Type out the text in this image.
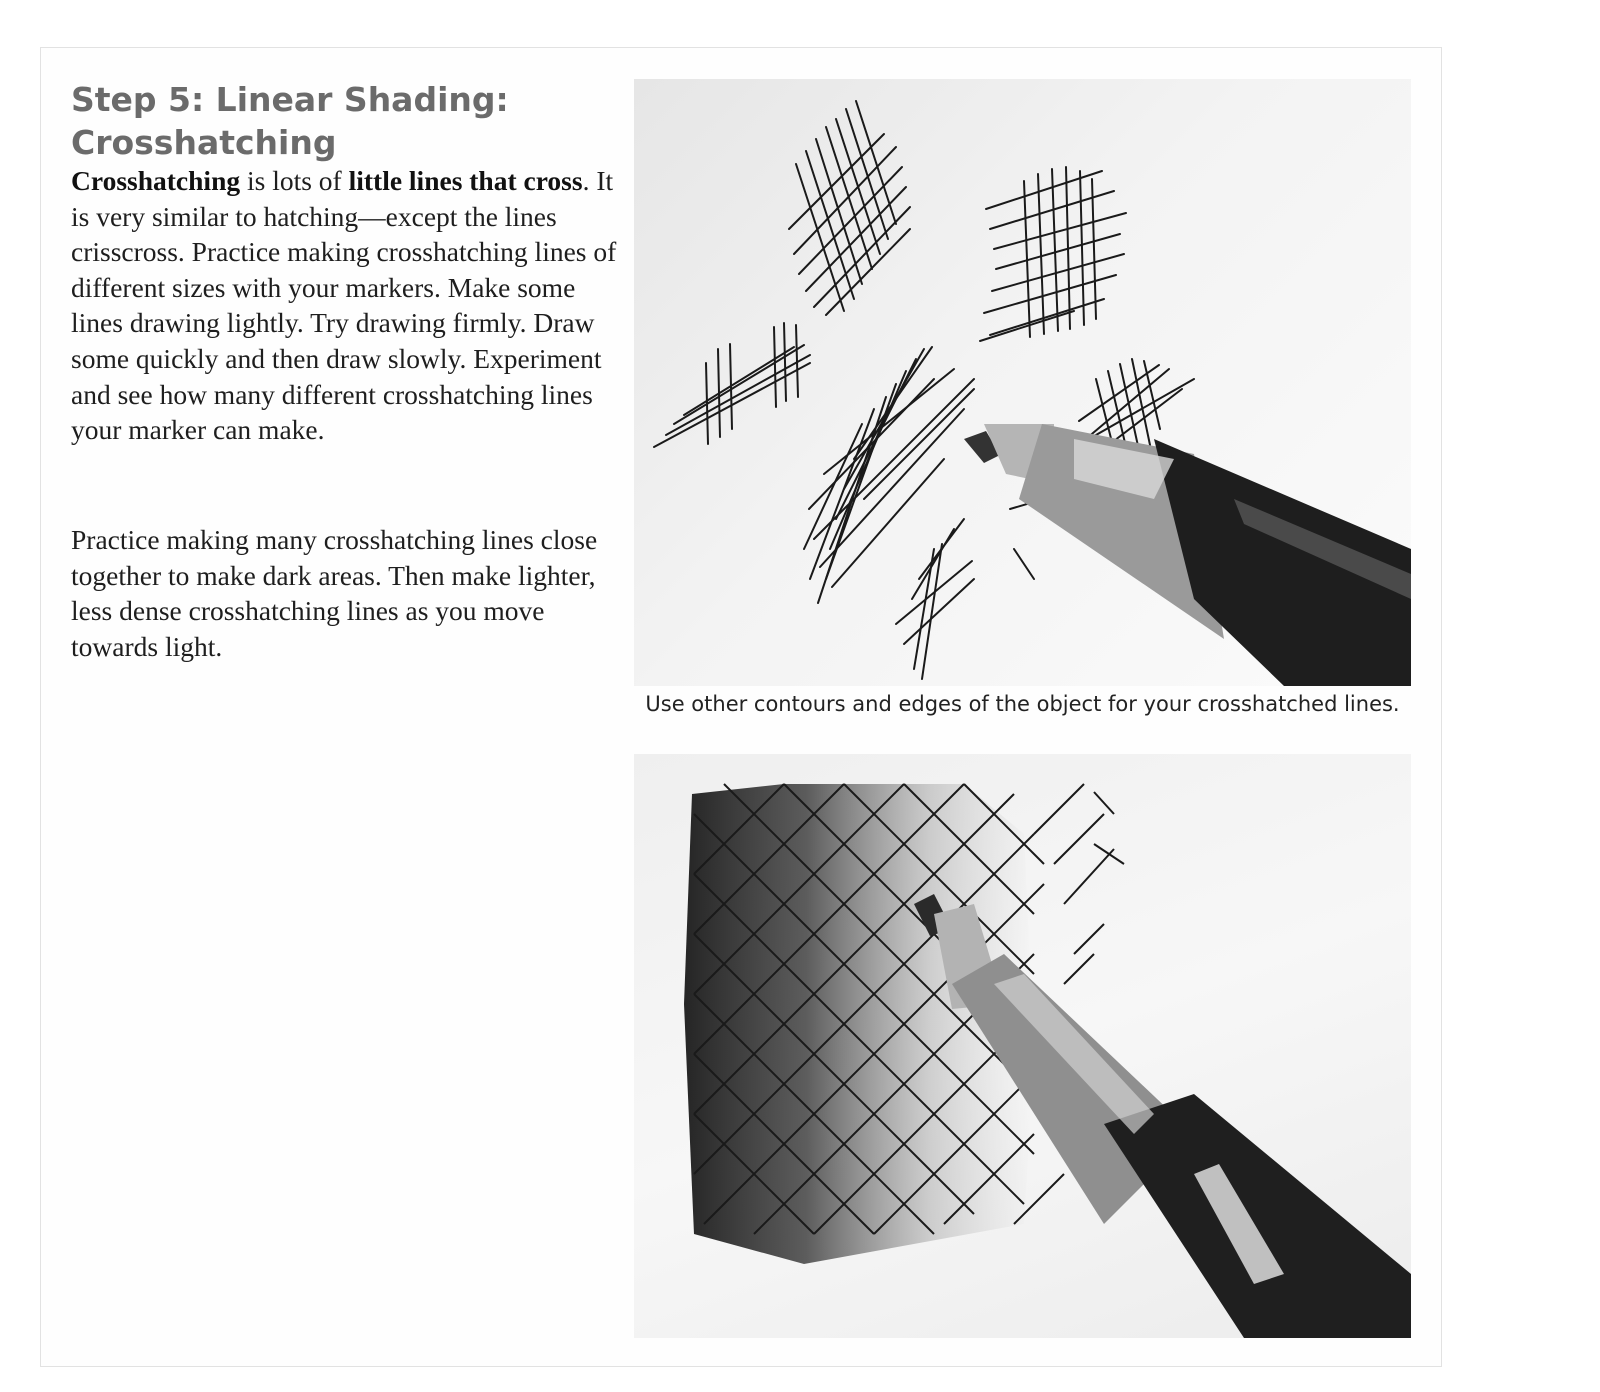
Step 5: Linear Shading:
Crosshatching

Crosshatching is lots of little lines that cross. It is very similar to hatching—except the lines crisscross. Practice making crosshatching lines of different sizes with your markers. Make some lines drawing lightly. Try drawing firmly. Draw some quickly and then draw slowly. Experiment and see how many different crosshatching lines your marker can make.

Practice making many crosshatching lines close together to make dark areas. Then make lighter, less dense crosshatching lines as you move towards light.

Use other contours and edges of the object for your crosshatched lines.
